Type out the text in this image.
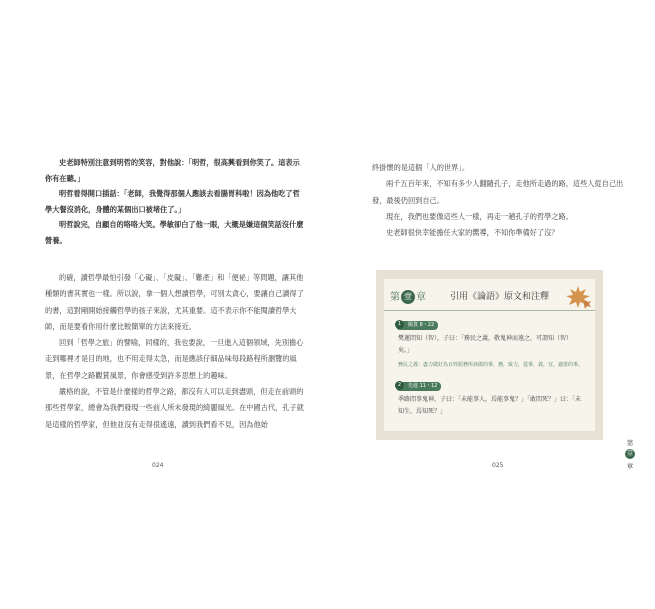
史老師特別注意到明哲的笑容，對他說：「明哲，很高興看到你笑了。這表示你有在聽。」

明哲着得開口插話：「老師，我覺得那個人應該去看腸胃科啦！因為他吃了哲學大餐沒消化，身體的某個出口被堵住了。」

明哲說完，自顧自的咯咯大笑。學敏卻白了他一眼，大概是嫌這個笑話沒什麼營養。

的確，讀哲學最怕引發「心礙」、「皮礙」、「難產」和「便祕」等問題，讓其他種類的書其實也一樣。所以說，拿一個人想讀哲學，可別太貪心，要讓自己讀得了的書，這對剛開始接觸哲學的孩子來說，尤其重要。這不表示你不能閱讀哲學大師，而是要看你用什麼比較簡單的方法來接近。

回到「哲學之旅」的譬喻，同樣的，我也要說，一旦進入這個領域，先別擔心走到哪裡才是目的地，也不用走得太急，而是應該仔細品味每段路程所瀏覽的風景，在哲學之路觀賞風景，你會感受到許多思想上的趣味。

嚴格的說，不管是什麼樣的哲學之路，都沒有人可以走到盡頭，但走在前頭的那些哲學家，總會為我們發現一些前人所未發現的綺麗風光。在中國古代，孔子就是這樣的哲學家，但他並沒有走得很遙遠，讀到我們看不見，因為他始

024

終掛懷的是這個「人的世界」。

兩千五百年來，不知有多少人翻隨孔子，走他所走過的路，這些人從自己出發，最後仍回到自己。

現在，我們也要像這些人一樣，再走一趟孔子的哲學之路。

史老師很快幸能擔任大家的嚮導，不知你準備好了沒？

第 壹 章	引用《論語》原文和注釋
1	陽貨 8・22
樊遲問知（智），子曰：「務民之義，敬鬼神而遠之，可謂知（智）矣。」
務民之義：盡力做好為百姓服務所該做的事，務，致力，從事，義，宜，適當的事。
2	先進 11・12
季路問事鬼神，子曰：「未能事人，焉能事鬼？」「敢問死？」曰：「未知生，焉知死？」
025
第
壹
章
